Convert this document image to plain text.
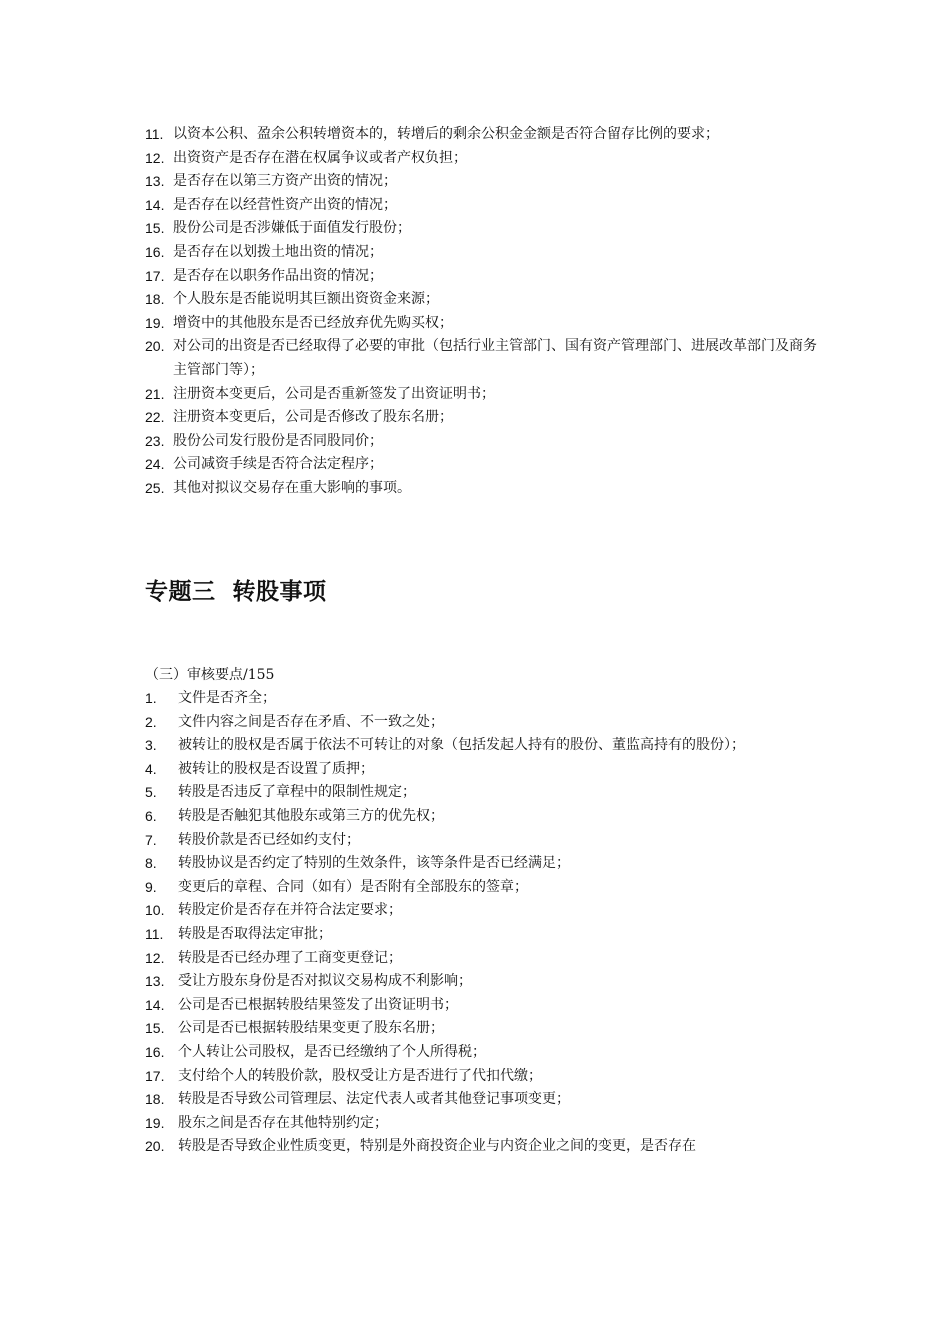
11. 以资本公积、盈余公积转增资本的，转增后的剩余公积金金额是否符合留存比例的要求；
12. 出资资产是否存在潜在权属争议或者产权负担；
13. 是否存在以第三方资产出资的情况；
14. 是否存在以经营性资产出资的情况；
15. 股份公司是否涉嫌低于面值发行股份；
16. 是否存在以划拨土地出资的情况；
17. 是否存在以职务作品出资的情况；
18. 个人股东是否能说明其巨额出资资金来源；
19. 增资中的其他股东是否已经放弃优先购买权；
20. 对公司的出资是否已经取得了必要的审批（包括行业主管部门、国有资产管理部门、进展改革部门及商务主管部门等）；
21. 注册资本变更后，公司是否重新签发了出资证明书；
22. 注册资本变更后，公司是否修改了股东名册；
23. 股份公司发行股份是否同股同价；
24. 公司减资手续是否符合法定程序；
25. 其他对拟议交易存在重大影响的事项。
专题三  转股事项
（三）审核要点/155
1. 文件是否齐全；
2. 文件内容之间是否存在矛盾、不一致之处；
3. 被转让的股权是否属于依法不可转让的对象（包括发起人持有的股份、董监高持有的股份）；
4. 被转让的股权是否设置了质押；
5. 转股是否违反了章程中的限制性规定；
6. 转股是否触犯其他股东或第三方的优先权；
7. 转股价款是否已经如约支付；
8. 转股协议是否约定了特别的生效条件，该等条件是否已经满足；
9. 变更后的章程、合同（如有）是否附有全部股东的签章；
10. 转股定价是否存在并符合法定要求；
11. 转股是否取得法定审批；
12. 转股是否已经办理了工商变更登记；
13. 受让方股东身份是否对拟议交易构成不利影响；
14. 公司是否已根据转股结果签发了出资证明书；
15. 公司是否已根据转股结果变更了股东名册；
16. 个人转让公司股权，是否已经缴纳了个人所得税；
17. 支付给个人的转股价款，股权受让方是否进行了代扣代缴；
18. 转股是否导致公司管理层、法定代表人或者其他登记事项变更；
19. 股东之间是否存在其他特别约定；
20. 转股是否导致企业性质变更，特别是外商投资企业与内资企业之间的变更，是否存在
